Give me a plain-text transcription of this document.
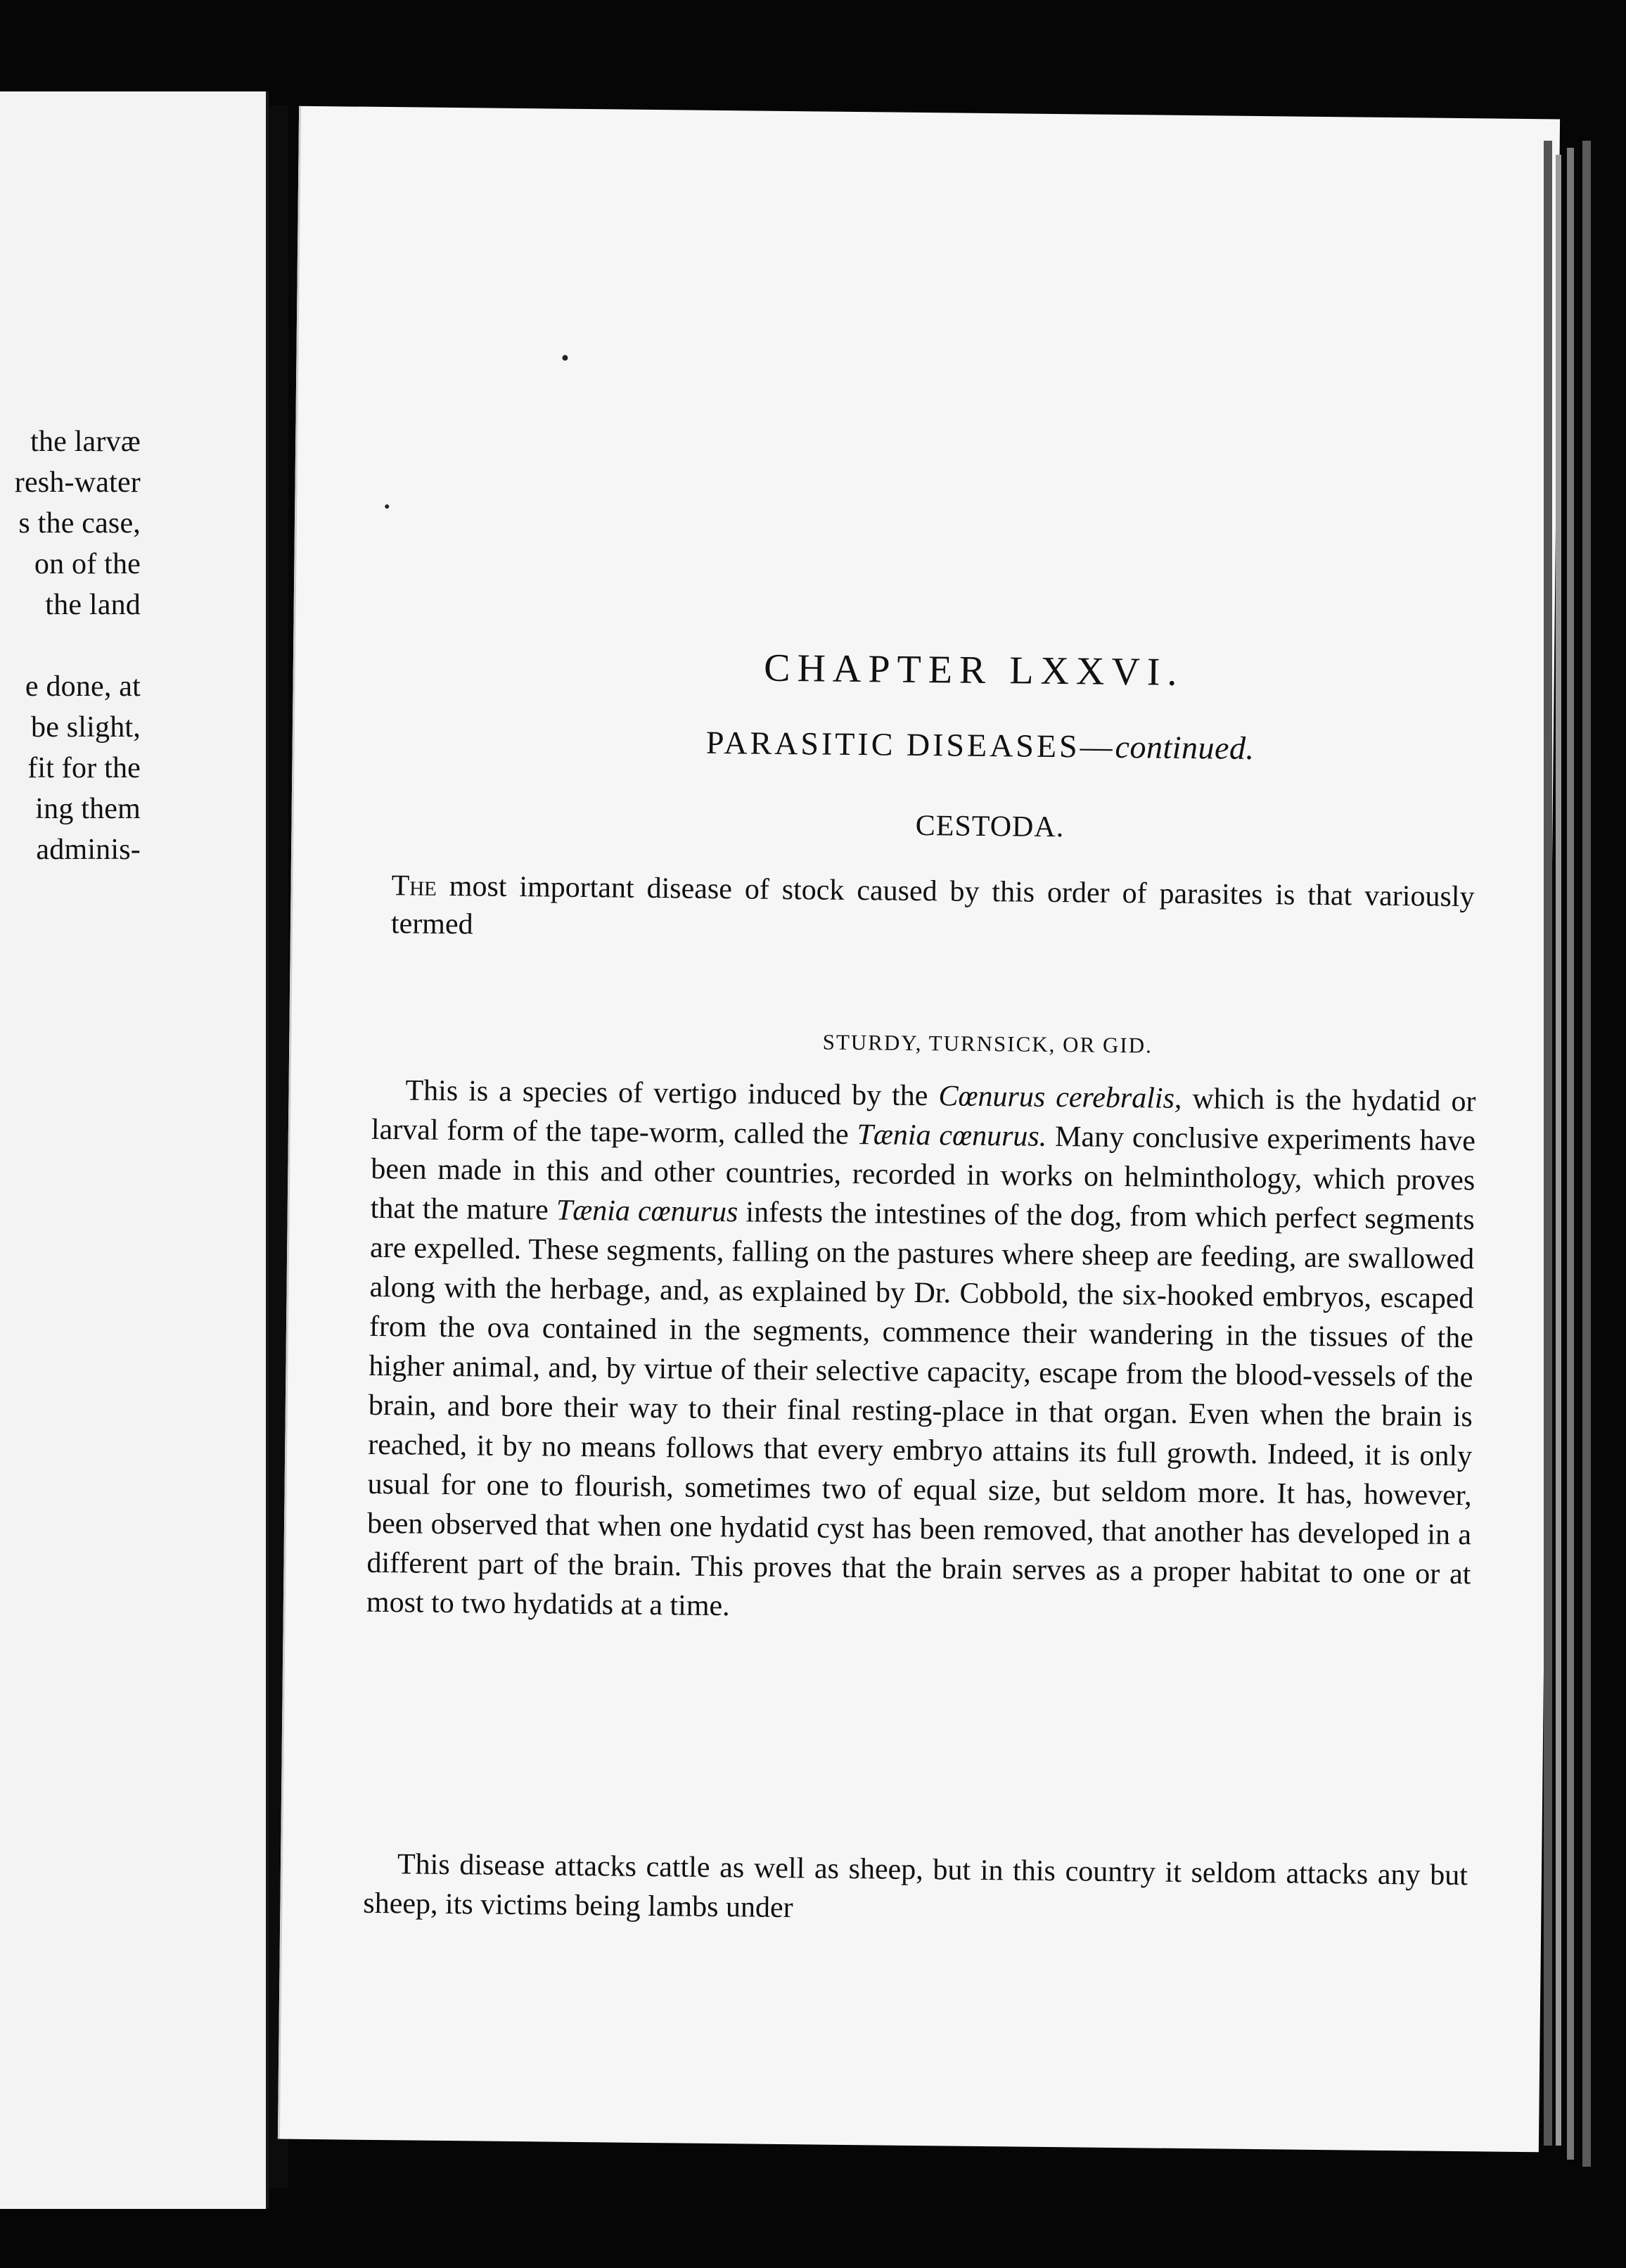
the larvæ
resh-water
s the case,
on of the
the land
e done, at
be slight,
fit for the
ing them
adminis-
CHAPTER LXXVI.
PARASITIC DISEASES—continued.
CESTODA.
The most important disease of stock caused by this order of parasites is that variously termed
STURDY, TURNSICK, OR GID.
This is a species of vertigo induced by the Cœnurus cerebralis, which is the hydatid or larval form of the tape-worm, called the Tænia cœnurus. Many conclusive experiments have been made in this and other countries, recorded in works on helminthology, which proves that the mature Tænia cœnurus infests the intestines of the dog, from which perfect segments are expelled. These segments, falling on the pastures where sheep are feeding, are swallowed along with the herbage, and, as explained by Dr. Cobbold, the six-hooked embryos, escaped from the ova contained in the segments, commence their wandering in the tissues of the higher animal, and, by virtue of their selective capacity, escape from the blood-vessels of the brain, and bore their way to their final resting-place in that organ. Even when the brain is reached, it by no means follows that every embryo attains its full growth. Indeed, it is only usual for one to flourish, sometimes two of equal size, but seldom more. It has, however, been observed that when one hydatid cyst has been removed, that another has developed in a different part of the brain. This proves that the brain serves as a proper habitat to one or at most to two hydatids at a time.
This disease attacks cattle as well as sheep, but in this country it seldom attacks any but sheep, its victims being lambs under
